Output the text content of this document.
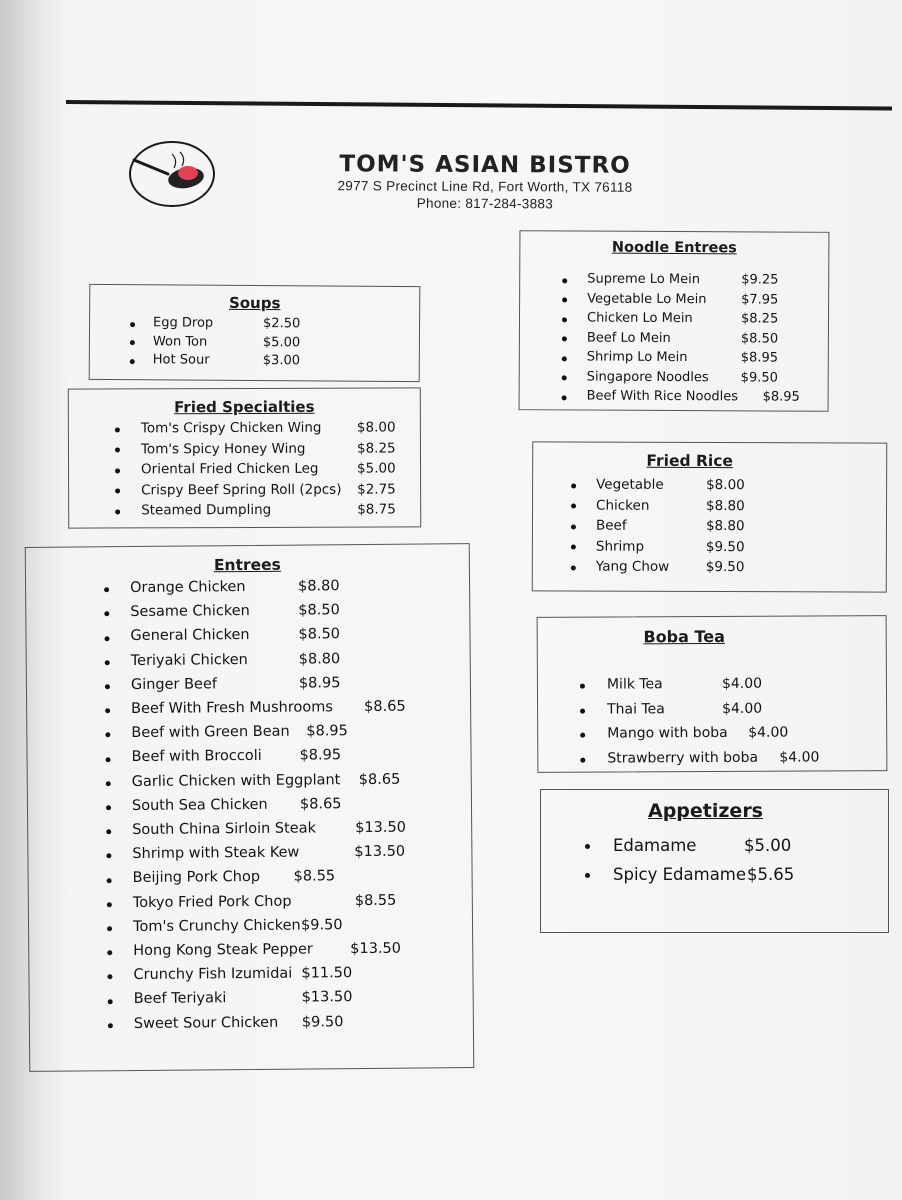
TOM'S ASIAN BISTRO
2977 S Precinct Line Rd, Fort Worth, TX 76118
Phone: 817-284-3883
Soups
Egg Drop	$2.50
Won Ton	$5.00
Hot Sour	$3.00
Fried Specialties
Tom's Crispy Chicken Wing	$8.00
Tom's Spicy Honey Wing	$8.25
Oriental Fried Chicken Leg	$5.00
Crispy Beef Spring Roll (2pcs) $2.75
Steamed Dumpling	$8.75
Entrees
Orange Chicken	$8.80
Sesame Chicken	$8.50
General Chicken	$8.50
Teriyaki Chicken	$8.80
Ginger Beef	$8.95
Beef With Fresh Mushrooms $8.65
Beef with Green Bean $8.95
Beef with Broccoli	$8.95
Garlic Chicken with Eggplant $8.65
South Sea Chicken $8.65
South China Sirloin Steak	$13.50
Shrimp with Steak Kew	$13.50
Beijing Pork Chop $8.55
Tokyo Fried Pork Chop	$8.55
Tom's Crunchy Chicken $9.50
Hong Kong Steak Pepper	$13.50
Crunchy Fish Izumidai $11.50
Beef Teriyaki	$13.50
Sweet Sour Chicken $9.50
Noodle Entrees
Supreme Lo Mein	$9.25
Vegetable Lo Mein	$7.95
Chicken Lo Mein	$8.25
Beef Lo Mein	$8.50
Shrimp Lo Mein	$8.95
Singapore Noodles $9.50
Beef With Rice Noodles $8.95
Fried Rice
Vegetable	$8.00
Chicken	$8.80
Beef	$8.80
Shrimp	$9.50
Yang Chow	$9.50
Boba Tea
Milk Tea	$4.00
Thai Tea	$4.00
Mango with boba $4.00
Strawberry with boba $4.00
Appetizers
Edamame	$5.00
Spicy Edamame $5.65
